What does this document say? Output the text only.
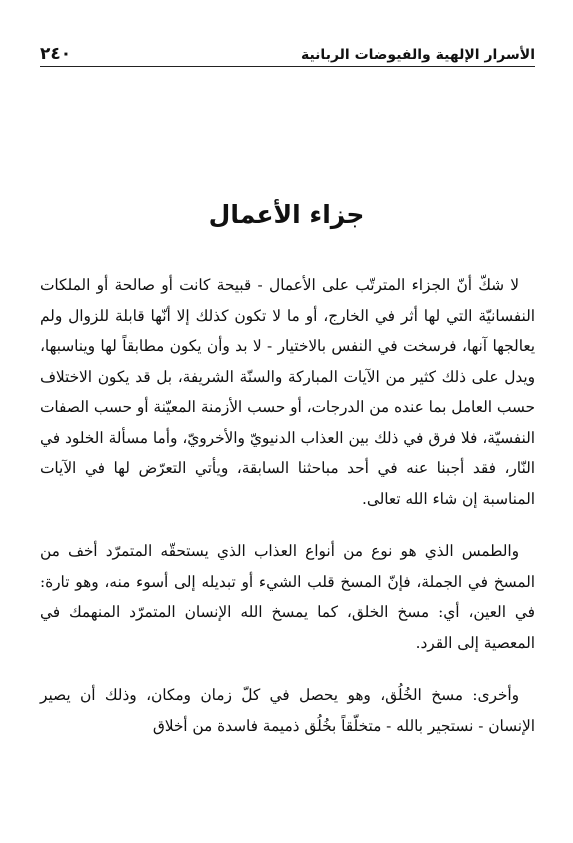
الأسرار الإلهية والفيوضات الربانية
٢٤٠
جزاء الأعمال

لا شكّ أنّ الجزاء المترتّب على الأعمال - قبيحة كانت أو صالحة أو الملكات النفسانيّة التي لها أثر في الخارج، أو ما لا تكون كذلك إلا أنّها قابلة للزوال ولم يعالجها آنها، فرسخت في النفس بالاختيار - لا بد وأن يكون مطابقاً لها ويناسبها، ويدل على ذلك كثير من الآيات المباركة والسنّة الشريفة، بل قد يكون الاختلاف حسب العامل بما عنده من الدرجات، أو حسب الأزمنة المعيّنة أو حسب الصفات النفسيّة، فلا فرق في ذلك بين العذاب الدنيويّ والأخرويّ، وأما مسألة الخلود في النّار، فقد أجبنا عنه في أحد مباحثنا السابقة، ويأتي التعرّض لها في الآيات المناسبة إن شاء الله تعالى.

والطمس الذي هو نوع من أنواع العذاب الذي يستحقّه المتمرّد أخف من المسخ في الجملة، فإنّ المسخ قلب الشيء أو تبديله إلى أسوء منه، وهو تارة: في العين، أي: مسخ الخلق، كما يمسخ الله الإنسان المتمرّد المنهمك في المعصية إلى القرد.

وأخرى: مسخ الخُلُق، وهو يحصل في كلّ زمان ومكان، وذلك أن يصير الإنسان - نستجير بالله - متخلّقاً بخُلُق ذميمة فاسدة من أخلاق
